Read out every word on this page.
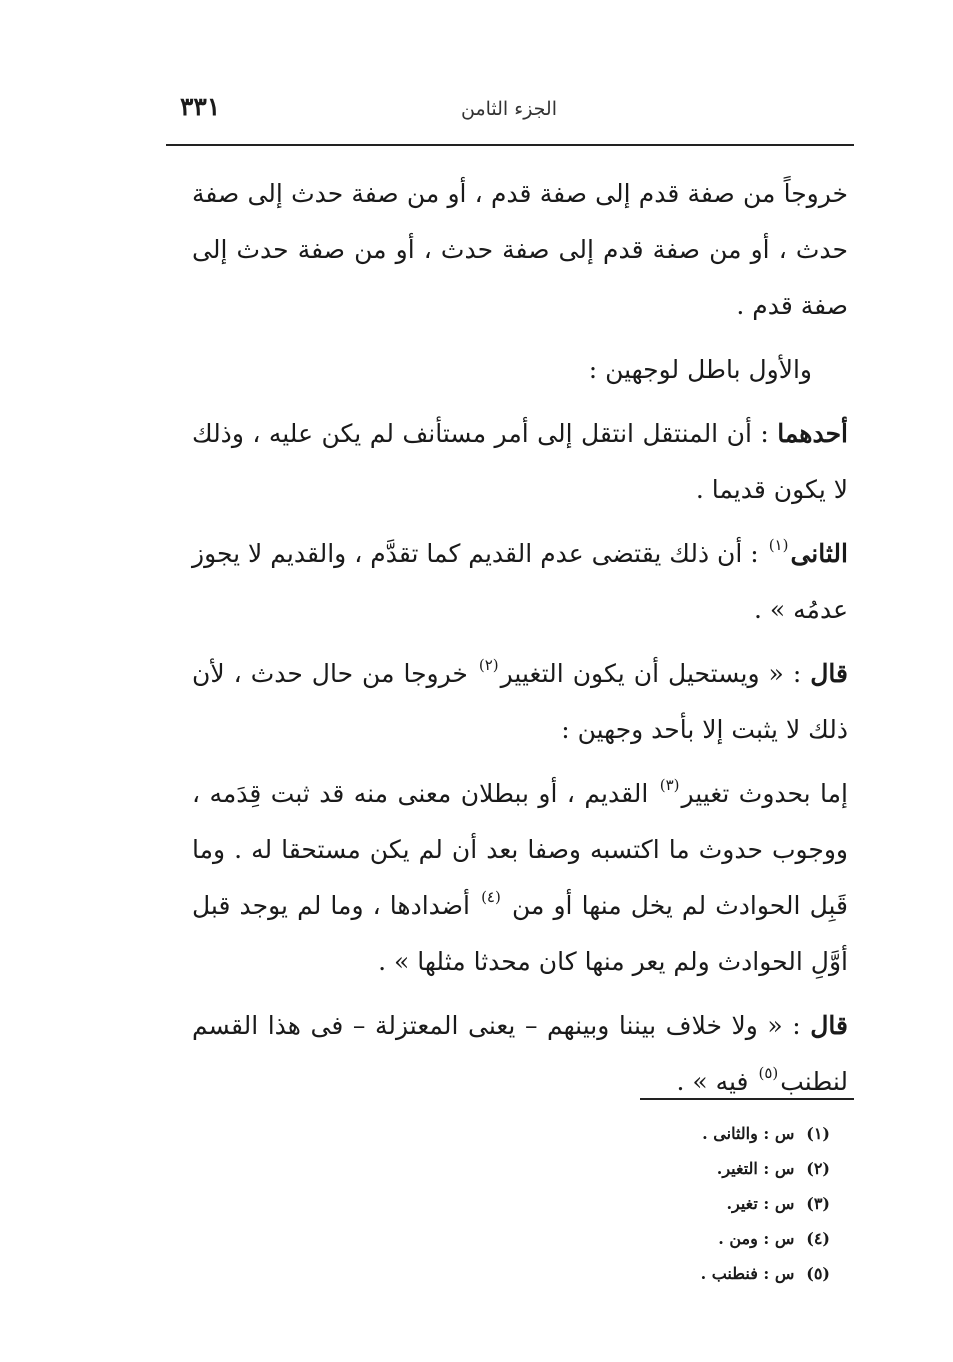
الجزء الثامن
٣٣١

خروجاً من صفة قدم إلى صفة قدم ، أو من صفة حدث إلى صفة حدث ، أو من صفة قدم إلى صفة حدث ، أو من صفة حدث إلى صفة قدم .

والأول باطل لوجهين :

أحدهما : أن المنتقل انتقل إلى أمر مستأنف لم يكن عليه ، وذلك لا يكون قديما .

الثانى$^{(١)}$ : أن ذلك يقتضى عدم القديم كما تقدَّم ، والقديم لا يجوز عدمُه » .

قال : « ويستحيل أن يكون التغيير$^{(٢)}$ خروجا من حال حدث ، لأن ذلك لا يثبت إلا بأحد وجهين :

إما بحدوث تغيير$^{(٣)}$ القديم ، أو ببطلان معنى منه قد ثبت قِدَمه ، ووجوب حدوث ما اكتسبه وصفا بعد أن لم يكن مستحقا له . وما قَبِل الحوادث لم يخل منها أو من $^{(٤)}$ أضدادها ، وما لم يوجد قبل أوَّلِ الحوادث ولم يعر منها كان محدثا مثلها » .

قال : « ولا خلاف بيننا وبينهم – يعنى المعتزلة – فى هذا القسم لنطنب$^{(٥)}$ فيه » .

(١) س : والثانى .
(٢) س : التغير.
(٣) س : تغير.
(٤) س : ومن .
(٥) س : فنطنب .
